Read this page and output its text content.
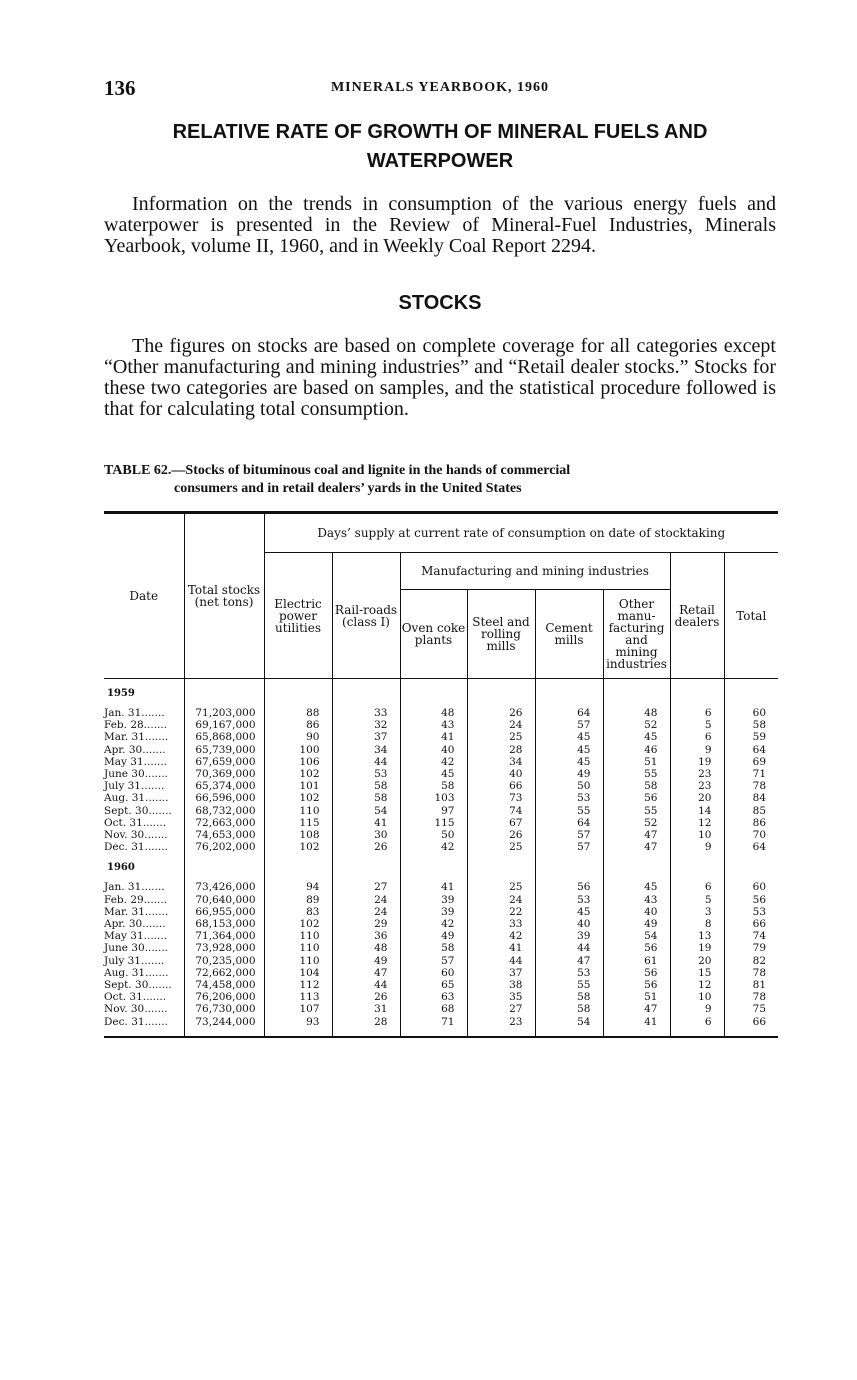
136	MINERALS YEARBOOK, 1960
RELATIVE RATE OF GROWTH OF MINERAL FUELS AND
WATERPOWER

Information on the trends in consumption of the various energy fuels and waterpower is presented in the Review of Mineral-Fuel Industries, Minerals Yearbook, volume II, 1960, and in Weekly Coal Report 2294.

STOCKS

The figures on stocks are based on complete coverage for all categories except “Other manufacturing and mining industries” and “Retail dealer stocks.” Stocks for these two categories are based on samples, and the statistical procedure followed is that for calculating total consumption.

TABLE 62.—Stocks of bituminous coal and lignite in the hands of commercial
consumers and in retail dealers’ yards in the United States
Date	Total stocks (net tons)	Days’ supply at current rate of consumption on date of stocktaking							
		Electric power utilities	Rail-roads (class I)	Manufacturing and mining industries				Retail dealers	Total
				Oven coke plants	Steel and rolling mills	Cement mills	Other manu-facturing and mining industries		
1959									
Jan. 31.......	71,203,000	88	33	48	26	64	48	6	60
Feb. 28.......	69,167,000	86	32	43	24	57	52	5	58
Mar. 31.......	65,868,000	90	37	41	25	45	45	6	59
Apr. 30.......	65,739,000	100	34	40	28	45	46	9	64
May 31.......	67,659,000	106	44	42	34	45	51	19	69
June 30.......	70,369,000	102	53	45	40	49	55	23	71
July 31.......	65,374,000	101	58	58	66	50	58	23	78
Aug. 31.......	66,596,000	102	58	103	73	53	56	20	84
Sept. 30.......	68,732,000	110	54	97	74	55	55	14	85
Oct. 31.......	72,663,000	115	41	115	67	64	52	12	86
Nov. 30.......	74,653,000	108	30	50	26	57	47	10	70
Dec. 31.......	76,202,000	102	26	42	25	57	47	9	64
1960									
Jan. 31.......	73,426,000	94	27	41	25	56	45	6	60
Feb. 29.......	70,640,000	89	24	39	24	53	43	5	56
Mar. 31.......	66,955,000	83	24	39	22	45	40	3	53
Apr. 30.......	68,153,000	102	29	42	33	40	49	8	66
May 31.......	71,364,000	110	36	49	42	39	54	13	74
June 30.......	73,928,000	110	48	58	41	44	56	19	79
July 31.......	70,235,000	110	49	57	44	47	61	20	82
Aug. 31.......	72,662,000	104	47	60	37	53	56	15	78
Sept. 30.......	74,458,000	112	44	65	38	55	56	12	81
Oct. 31.......	76,206,000	113	26	63	35	58	51	10	78
Nov. 30.......	76,730,000	107	31	68	27	58	47	9	75
Dec. 31.......	73,244,000	93	28	71	23	54	41	6	66
